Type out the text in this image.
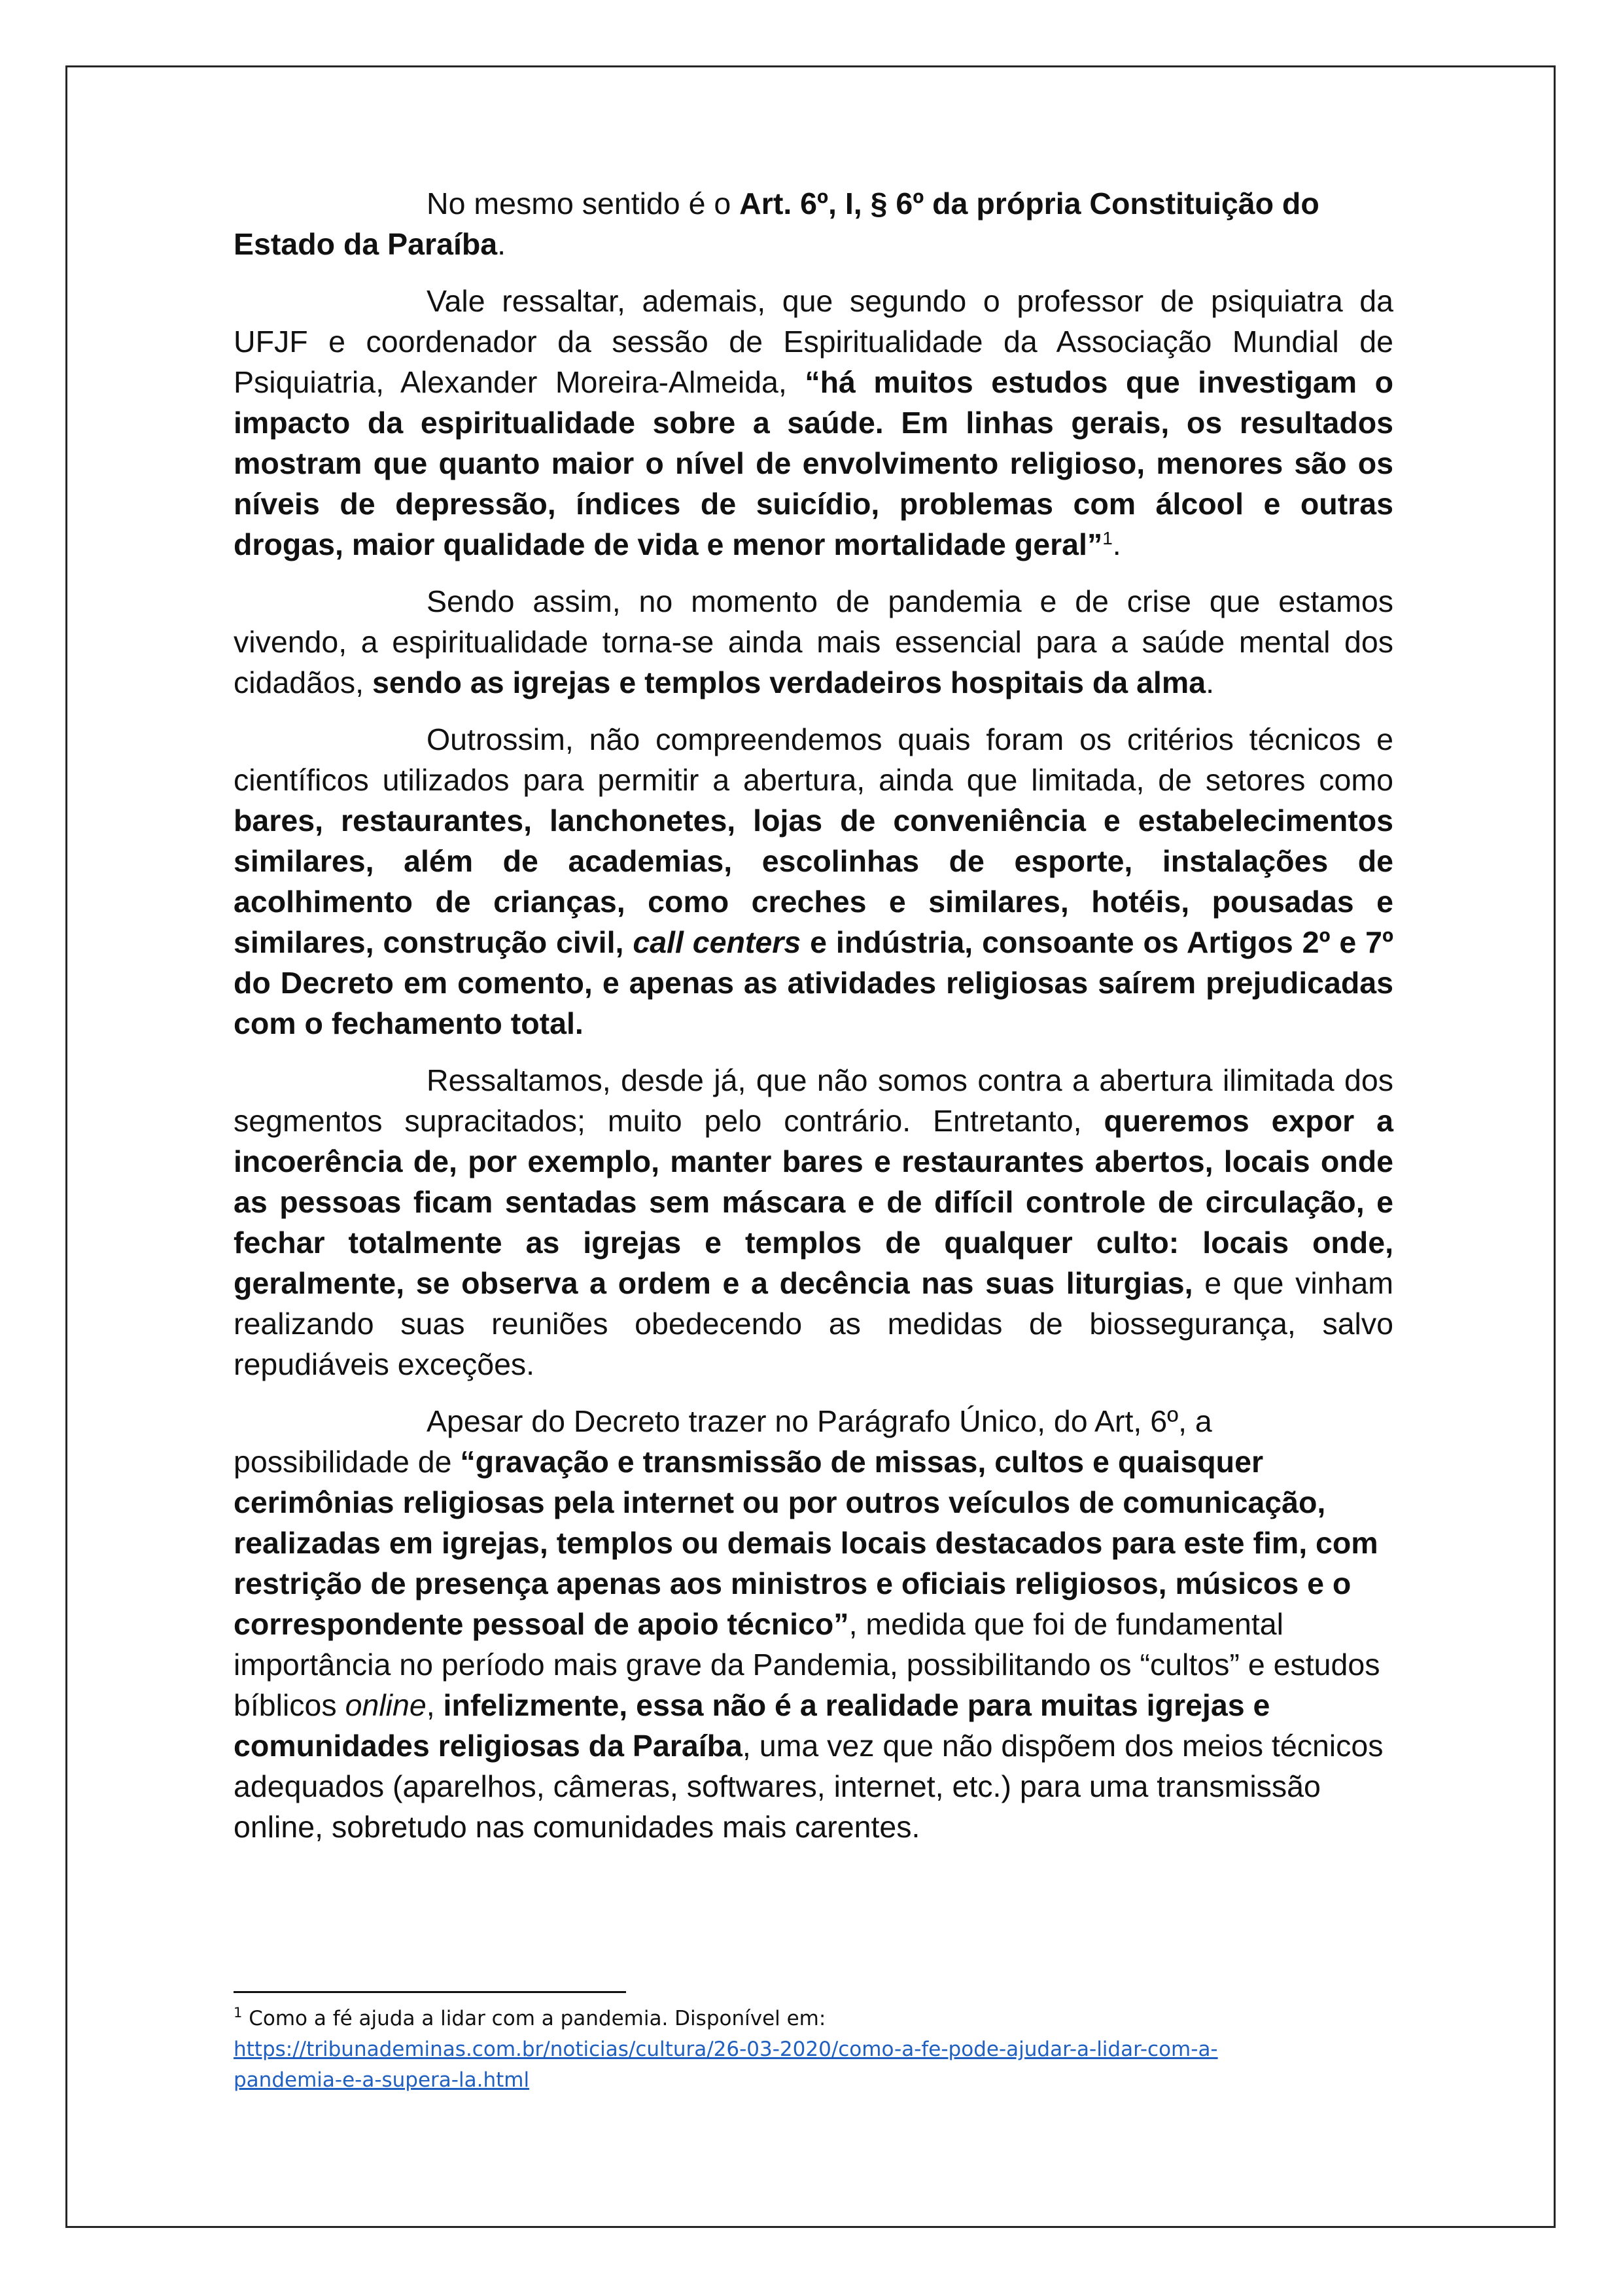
No mesmo sentido é o Art. 6º, I, § 6º da própria Constituição do Estado da Paraíba.

Vale ressaltar, ademais, que segundo o professor de psiquiatra da UFJF e coordenador da sessão de Espiritualidade da Associação Mundial de Psiquiatria, Alexander Moreira-Almeida, “há muitos estudos que investigam o impacto da espiritualidade sobre a saúde. Em linhas gerais, os resultados mostram que quanto maior o nível de envolvimento religioso, menores são os níveis de depressão, índices de suicídio, problemas com álcool e outras drogas, maior qualidade de vida e menor mortalidade geral”$^1$.

Sendo assim, no momento de pandemia e de crise que estamos vivendo, a espiritualidade torna-se ainda mais essencial para a saúde mental dos cidadãos, sendo as igrejas e templos verdadeiros hospitais da alma.

Outrossim, não compreendemos quais foram os critérios técnicos e científicos utilizados para permitir a abertura, ainda que limitada, de setores como bares, restaurantes, lanchonetes, lojas de conveniência e estabelecimentos similares, além de academias, escolinhas de esporte, instalações de acolhimento de crianças, como creches e similares, hotéis, pousadas e similares, construção civil, call centers e indústria, consoante os Artigos 2º e 7º do Decreto em comento, e apenas as atividades religiosas saírem prejudicadas com o fechamento total.

Ressaltamos, desde já, que não somos contra a abertura ilimitada dos segmentos supracitados; muito pelo contrário. Entretanto, queremos expor a incoerência de, por exemplo, manter bares e restaurantes abertos, locais onde as pessoas ficam sentadas sem máscara e de difícil controle de circulação, e fechar totalmente as igrejas e templos de qualquer culto: locais onde, geralmente, se observa a ordem e a decência nas suas liturgias, e que vinham realizando suas reuniões obedecendo as medidas de biossegurança, salvo repudiáveis exceções.

Apesar do Decreto trazer no Parágrafo Único, do Art, 6º, a possibilidade de “gravação e transmissão de missas, cultos e quaisquer cerimônias religiosas pela internet ou por outros veículos de comunicação, realizadas em igrejas, templos ou demais locais destacados para este fim, com restrição de presença apenas aos ministros e oficiais religiosos, músicos e o correspondente pessoal de apoio técnico”, medida que foi de fundamental importância no período mais grave da Pandemia, possibilitando os “cultos” e estudos bíblicos online, infelizmente, essa não é a realidade para muitas igrejas e comunidades religiosas da Paraíba, uma vez que não dispõem dos meios técnicos adequados (aparelhos, câmeras, softwares, internet, etc.) para uma transmissão online, sobretudo nas comunidades mais carentes.

$^1$ Como a fé ajuda a lidar com a pandemia. Disponível em:
https://tribunademinas.com.br/noticias/cultura/26-03-2020/como-a-fe-pode-ajudar-a-lidar-com-a-
pandemia-e-a-supera-la.html
